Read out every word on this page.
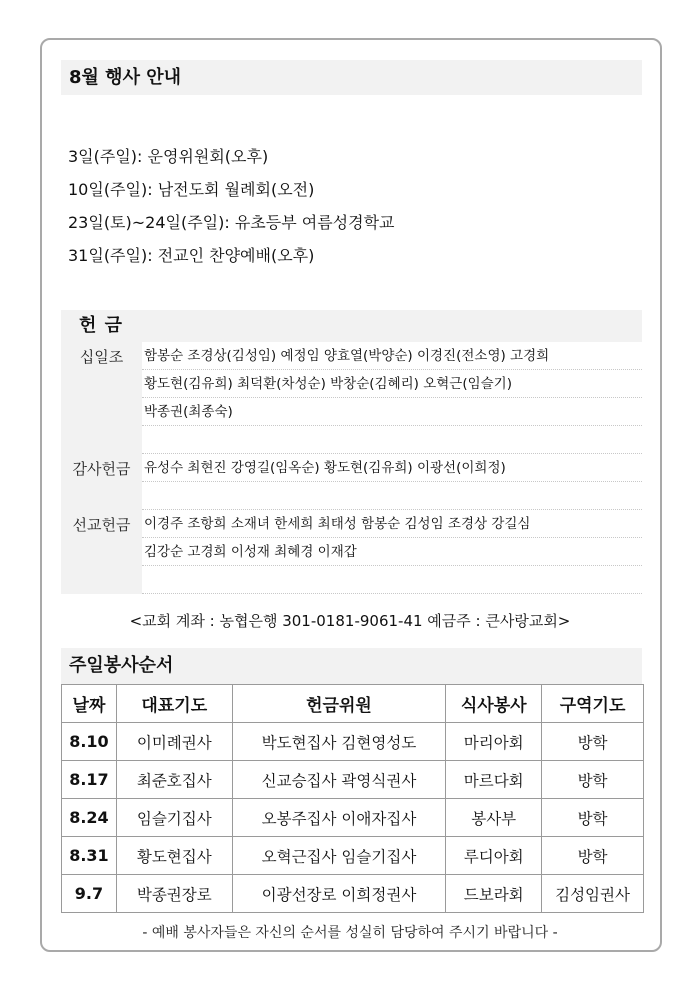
8월 행사 안내
3일(주일): 운영위원회(오후)
10일(주일): 남전도회 월례회(오전)
23일(토)~24일(주일): 유초등부 여름성경학교
31일(주일): 전교인 찬양예배(오후)
헌 금
십일조	함봉순 조경상(김성임) 예정임 양효열(박양순) 이경진(전소영) 고경희
황도현(김유희) 최덕환(차성순) 박창순(김혜리) 오혁근(임슬기)
박종권(최종숙)
감사헌금	유성수 최현진 강영길(임옥순) 황도현(김유희) 이광선(이희정)
선교헌금	이경주 조항희 소재녀 한세희 최태성 함봉순 김성임 조경상 강길심
김강순 고경희 이성재 최혜경 이재갑
<교회 계좌 : 농협은행 301-0181-9061-41 예금주 : 큰사랑교회>
주일봉사순서
날짜	대표기도	헌금위원	식사봉사	구역기도
8.10	이미례권사	박도현집사 김현영성도	마리아회	방학
8.17	최준호집사	신교승집사 곽영식권사	마르다회	방학
8.24	임슬기집사	오봉주집사 이애자집사	봉사부	방학
8.31	황도현집사	오혁근집사 임슬기집사	루디아회	방학
9.7	박종권장로	이광선장로 이희정권사	드보라회	김성임권사
- 예배 봉사자들은 자신의 순서를 성실히 담당하여 주시기 바랍니다 -
